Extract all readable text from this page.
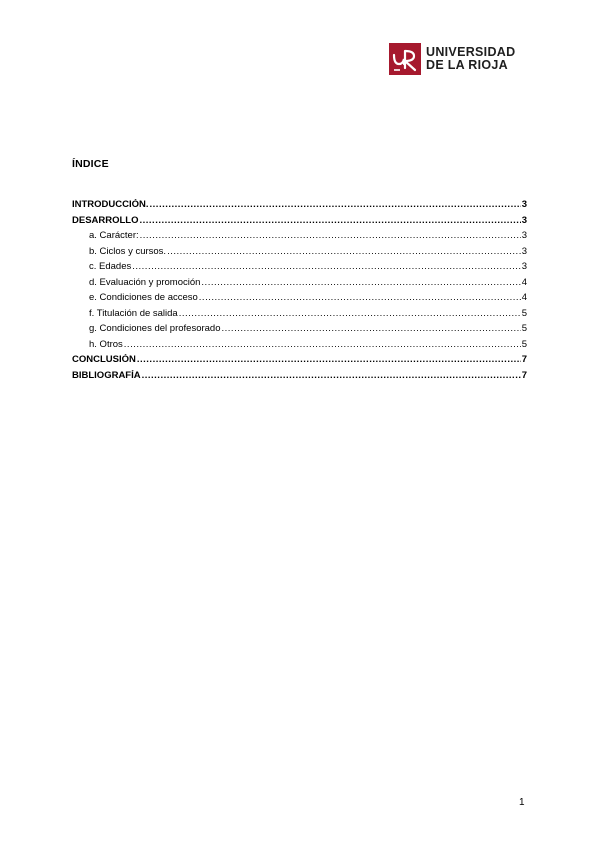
UNIVERSIDAD
DE LA RIOJA
ÍNDICE
INTRODUCCIÓN. .....	3
DESARROLLO .....	3
a. Carácter: .....	3
b. Ciclos y cursos. .....	3
c. Edades .....	3
d. Evaluación y promoción .....	4
e. Condiciones de acceso .....	4
f. Titulación de salida .....	5
g. Condiciones del profesorado .....	5
h. Otros .....	5
CONCLUSIÓN .....	7
BIBLIOGRAFÍA .....	7
1
